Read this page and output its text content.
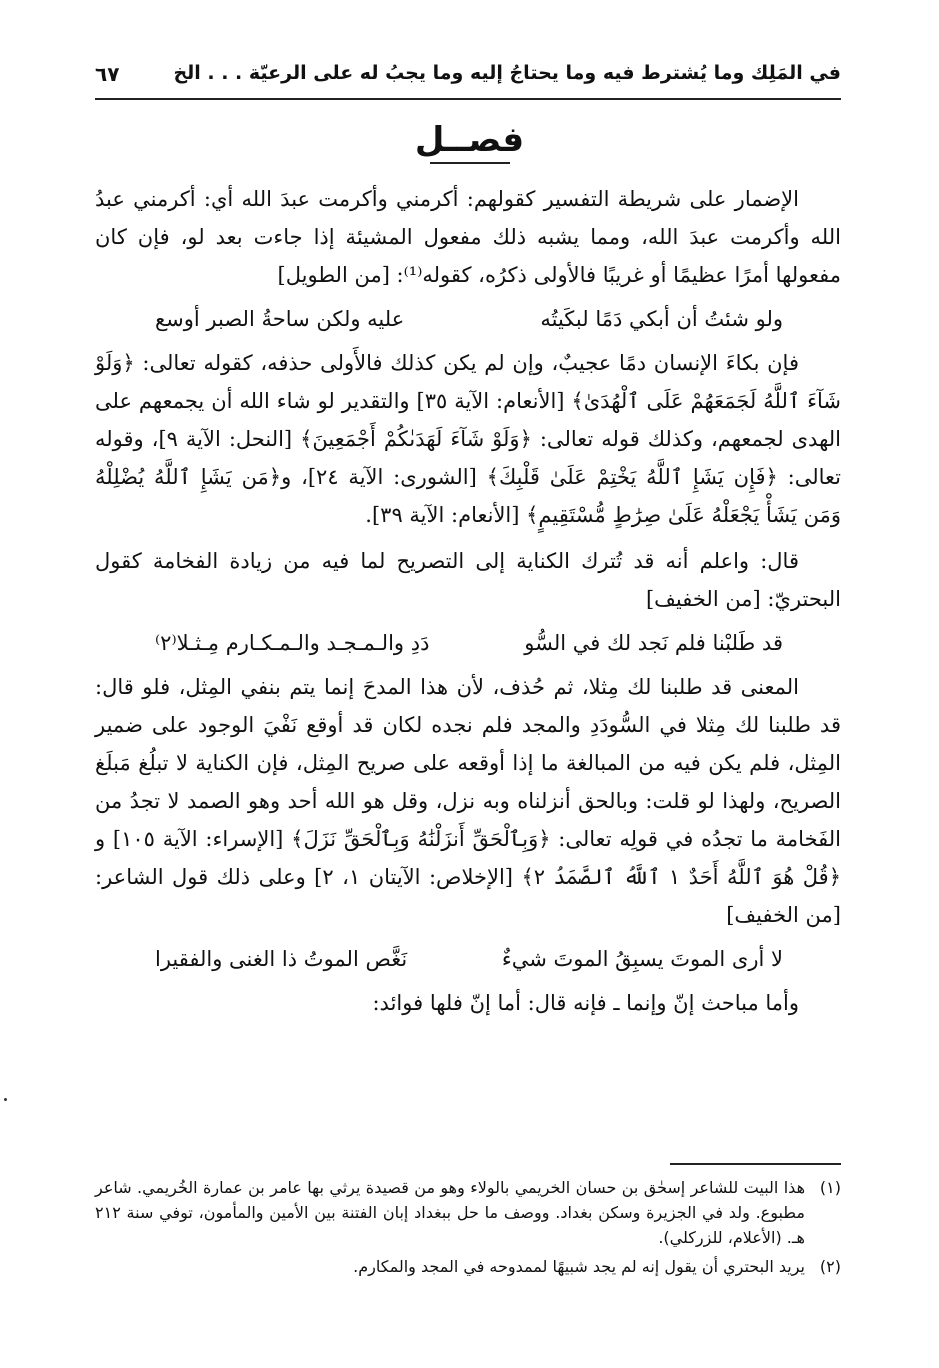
في المَلِك وما يُشترط فيه وما يحتاجُ إليه وما يجبُ له على الرعيّة . . . الخ
٦٧
فصــل

الإضمار على شريطة التفسير كقولهم: أكرمني وأكرمت عبدَ الله أي: أكرمني عبدُ الله وأكرمت عبدَ الله، ومما يشبه ذلك مفعول المشيئة إذا جاءت بعد لو، فإن كان مفعولها أمرًا عظيمًا أو غريبًا فالأولى ذكرُه، كقوله⁽¹⁾: [من الطويل]

ولو شئتُ أن أبكي دَمًا لبكَيتُه
عليه ولكن ساحةُ الصبر أوسع

فإن بكاءَ الإنسان دمًا عجيبٌ، وإن لم يكن كذلك فالأَولى حذفه، كقوله تعالى: ﴿وَلَوْ شَآءَ ٱللَّهُ لَجَمَعَهُمْ عَلَى ٱلْهُدَىٰ﴾ [الأنعام: الآية ٣٥] والتقدير لو شاء الله أن يجمعهم على الهدى لجمعهم، وكذلك قوله تعالى: ﴿وَلَوْ شَآءَ لَهَدَىٰكُمْ أَجْمَعِينَ﴾ [النحل: الآية ٩]، وقوله تعالى: ﴿فَإِن يَشَإِ ٱللَّهُ يَخْتِمْ عَلَىٰ قَلْبِكَ﴾ [الشورى: الآية ٢٤]، و﴿مَن يَشَإِ ٱللَّهُ يُضْلِلْهُ وَمَن يَشَأْ يَجْعَلْهُ عَلَىٰ صِرَٰطٍ مُّسْتَقِيمٍ﴾ [الأنعام: الآية ٣٩].

قال: واعلم أنه قد تُترك الكناية إلى التصريح لما فيه من زيادة الفخامة كقول البحتريّ: [من الخفيف]

قد طَلبْنا فلم نَجد لك في السُّو
دَدِ والـمـجـد والـمـكـارم مِـثـلا⁽٢⁾

المعنى قد طلبنا لك مِثلا، ثم حُذف، لأن هذا المدحَ إنما يتم بنفي المِثل، فلو قال: قد طلبنا لك مِثلا في السُّودَدِ والمجد فلم نجده لكان قد أوقع نَفْيَ الوجود على ضمير المِثل، فلم يكن فيه من المبالغة ما إذا أوقعه على صريح المِثل، فإن الكناية لا تبلُغ مَبلَغ الصريح، ولهذا لو قلت: وبالحق أنزلناه وبه نزل، وقل هو الله أحد وهو الصمد لا تجدُ من الفَخامة ما تجدُه في قولِه تعالى: ﴿وَبِٱلْحَقِّ أَنزَلْنَٰهُ وَبِٱلْحَقِّ نَزَلَ﴾ [الإسراء: الآية ١٠٥] و ﴿قُلْ هُوَ ٱللَّهُ أَحَدٌ ١ ٱللَّهُ ٱلصَّمَدُ ٢﴾ [الإخلاص: الآيتان ١، ٢] وعلى ذلك قول الشاعر: [من الخفيف]

لا أرى الموتَ يسبِقُ الموتَ شيءٌ
نَغَّص الموتُ ذا الغنى والفقيرا

وأما مباحث إنّ وإنما ـ فإنه قال: أما إنّ فلها فوائد:

(١)
هذا البيت للشاعر إسحٰق بن حسان الخريمي بالولاء وهو من قصيدة يرثي بها عامر بن عمارة الخُريمي. شاعر مطبوع. ولد في الجزيرة وسكن بغداد. ووصف ما حل ببغداد إبان الفتنة بين الأمين والمأمون، توفي سنة ٢١٢ هـ. (الأعلام، للزركلي).
(٢)
يريد البحتري أن يقول إنه لم يجد شبيهًا لممدوحه في المجد والمكارم.
